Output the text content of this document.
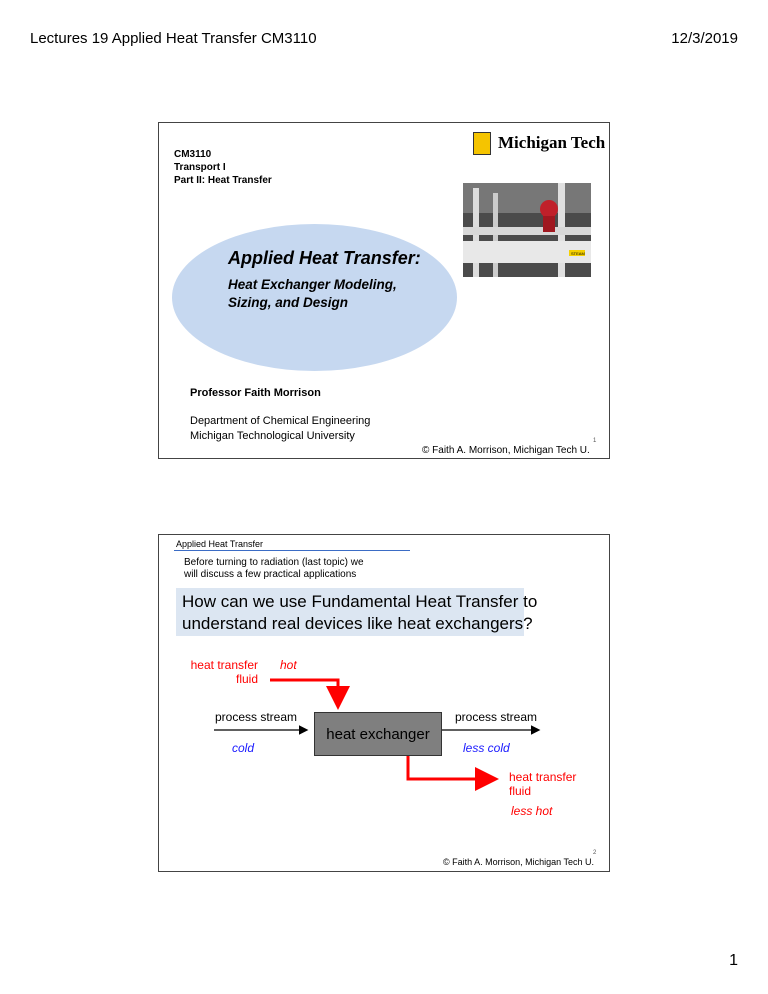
Lectures 19 Applied Heat Transfer CM3110	12/3/2019
CM3110
Transport I
Part II: Heat Transfer
Michigan Tech
STEAM
Applied Heat Transfer:
Heat Exchanger Modeling,
Sizing, and Design
Professor Faith Morrison
Department of Chemical Engineering
Michigan Technological University	1
© Faith A. Morrison, Michigan Tech U.
Applied Heat Transfer
Before turning to radiation (last topic) we
will discuss a few practical applications
How can we use Fundamental Heat Transfer to
understand real devices like heat exchangers?
heat transfer
fluid
hot
process stream
cold
heat exchanger
process stream
less cold
heat transfer
fluid
less hot
2
© Faith A. Morrison, Michigan Tech U.
1
